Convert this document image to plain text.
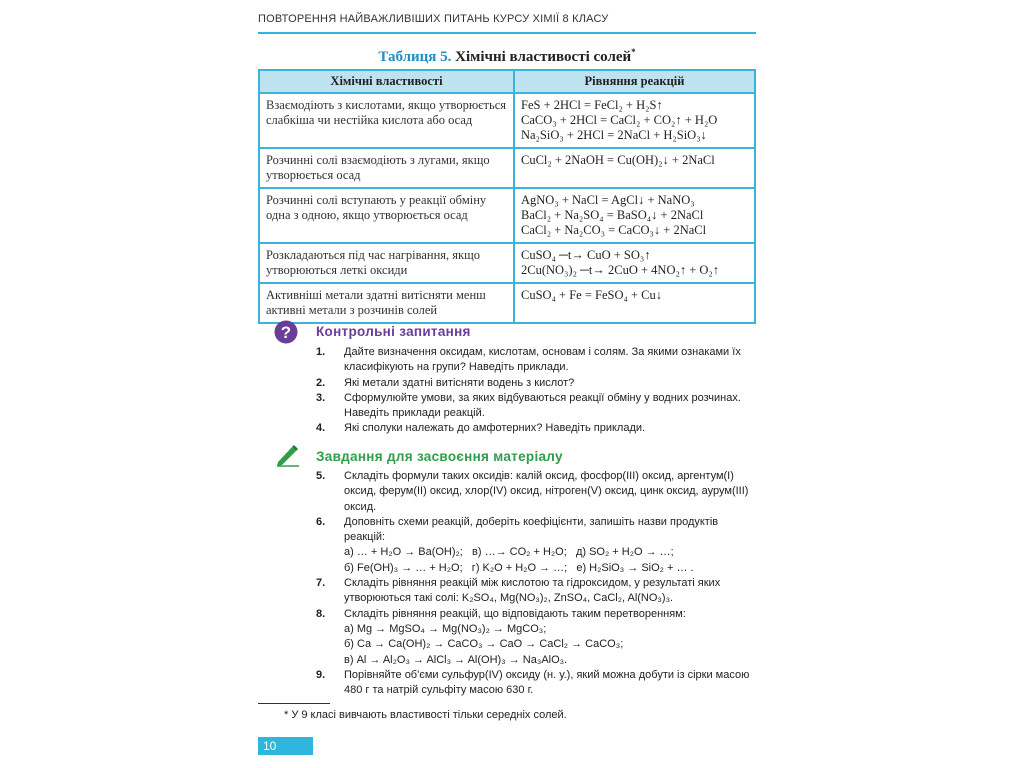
ПОВТОРЕННЯ НАЙВАЖЛИВІШИХ ПИТАНЬ КУРСУ ХІМІЇ 8 КЛАСУ
Таблиця 5. Хімічні властивості солей*
Хімічні властивості	Рівняння реакцій
Взаємодіють з кислотами, якщо утворюється слабкіша чи нестійка кислота або осад	FeS + 2HCl = FeCl₂ + H₂S↑
CaCO₃ + 2HCl = CaCl₂ + CO₂↑ + H₂O
Na₂SiO₃ + 2HCl = 2NaCl + H₂SiO₃↓

Розчинні солі взаємодіють з лугами, якщо утворюється осад	CuCl₂ + 2NaOH = Cu(OH)₂↓ + 2NaCl

Розчинні солі вступають у реакції обміну одна з одною, якщо утворюється осад	AgNO₃ + NaCl = AgCl↓ + NaNO₃
BaCl₂ + Na₂SO₄ = BaSO₄↓ + 2NaCl
CaCl₂ + Na₂CO₃ = CaCO₃↓ + 2NaCl

Розкладаються під час нагрівання, якщо утворюються леткі оксиди	CuSO₄ ─t→ CuO + SO₃↑
2Cu(NO₃)₂ ─t→ 2CuO + 4NO₂↑ + O₂↑

Активніші метали здатні витісняти менш активні метали з розчинів солей	CuSO₄ + Fe = FeSO₄ + Cu↓
? Контрольні запитання
1. Дайте визначення оксидам, кислотам, основам і солям. За якими ознаками їх класифікують на групи? Наведіть приклади.
2. Які метали здатні витісняти водень з кислот?
3. Сформулюйте умови, за яких відбуваються реакції обміну у водних розчинах. Наведіть приклади реакцій.
4. Які сполуки належать до амфотерних? Наведіть приклади.
Завдання для засвоєння матеріалу
5. Складіть формули таких оксидів: калій оксид, фосфор(ІІІ) оксид, аргентум(І) оксид, ферум(ІІ) оксид, хлор(ІV) оксид, нітроген(V) оксид, цинк оксид, аурум(ІІІ) оксид.
6. Доповніть схеми реакцій, доберіть коефіцієнти, запишіть назви продуктів реакцій:
а) … + H₂O → Ba(OH)₂;   в) …→ CO₂ + H₂O;   д) SO₂ + H₂O → …;
б) Fe(OH)₃ → … + H₂O;   г) K₂O + H₂O → …;   е) H₂SiO₃ → SiO₂ + … .
7. Складіть рівняння реакцій між кислотою та гідроксидом, у результаті яких утворюються такі солі: K₂SO₄, Mg(NO₃)₂, ZnSO₄, CaCl₂, Al(NO₃)₃.
8. Складіть рівняння реакцій, що відповідають таким перетворенням:
а) Mg → MgSO₄ → Mg(NO₃)₂ → MgCO₃;
б) Ca → Ca(OH)₂ → CaCO₃ → CaO → CaCl₂ → CaCO₃;
в) Al → Al₂O₃ → AlCl₃ → Al(OH)₃ → Na₃AlO₃.
9. Порівняйте об'єми сульфур(IV) оксиду (н. у.), який можна добути із сірки масою 480 г та натрій сульфіту масою 630 г.
* У 9 класі вивчають властивості тільки середніх солей.
10
